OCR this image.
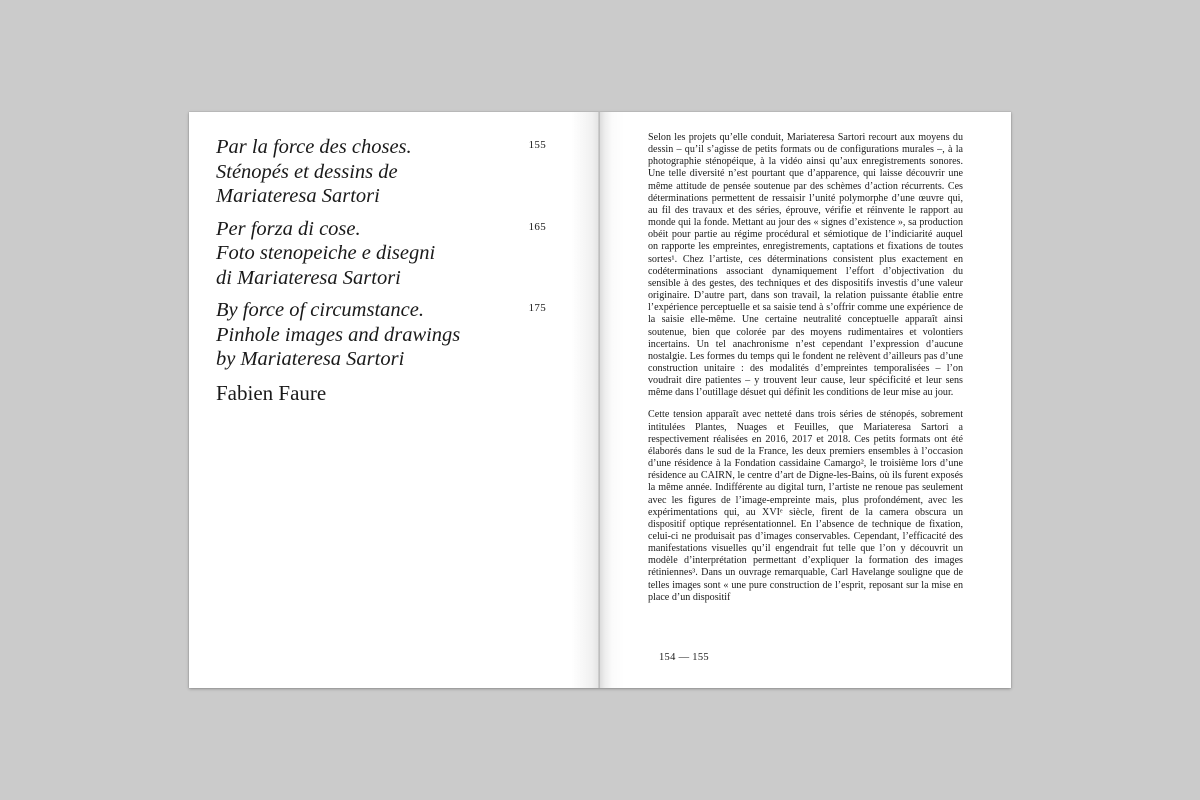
Par la force des choses.
Sténopés et dessins de
Mariateresa Sartori
155
Per forza di cose.
Foto stenopeiche e disegni
di Mariateresa Sartori
165
By force of circumstance.
Pinhole images and drawings
by Mariateresa Sartori
175
Fabien Faure

Selon les projets qu’elle conduit, Mariateresa Sartori recourt aux moyens du dessin – qu’il s’agisse de petits formats ou de configurations murales –, à la photographie sténopéique, à la vidéo ainsi qu’aux enregistrements sonores. Une telle diversité n’est pourtant que d’apparence, qui laisse découvrir une même attitude de pensée soutenue par des schèmes d’action récurrents. Ces déterminations permettent de ressaisir l’unité polymorphe d’une œuvre qui, au fil des travaux et des séries, éprouve, vérifie et réinvente le rapport au monde qui la fonde. Mettant au jour des « signes d’existence », sa production obéit pour partie au régime procédural et sémiotique de l’indiciarité auquel on rapporte les empreintes, enregistrements, captations et fixations de toutes sortes¹. Chez l’artiste, ces déterminations consistent plus exactement en codéterminations associant dynamiquement l’effort d’objectivation du sensible à des gestes, des techniques et des dispositifs investis d’une valeur originaire. D’autre part, dans son travail, la relation puissante établie entre l’expérience perceptuelle et sa saisie tend à s’offrir comme une expérience de la saisie elle-même. Une certaine neutralité conceptuelle apparaît ainsi soutenue, bien que colorée par des moyens rudimentaires et volontiers incertains. Un tel anachronisme n’est cependant l’expression d’aucune nostalgie. Les formes du temps qui le fondent ne relèvent d’ailleurs pas d’une construction unitaire : des modalités d’empreintes temporalisées – l’on voudrait dire patientes – y trouvent leur cause, leur spécificité et leur sens même dans l’outillage désuet qui définit les conditions de leur mise au jour.

Cette tension apparaît avec netteté dans trois séries de sténopés, sobrement intitulées Plantes, Nuages et Feuilles, que Mariateresa Sartori a respectivement réalisées en 2016, 2017 et 2018. Ces petits formats ont été élaborés dans le sud de la France, les deux premiers ensembles à l’occasion d’une résidence à la Fondation cassidaine Camargo², le troisième lors d’une résidence au CAIRN, le centre d’art de Digne-les-Bains, où ils furent exposés la même année. Indifférente au digital turn, l’artiste ne renoue pas seulement avec les figures de l’image-empreinte mais, plus profondément, avec les expérimentations qui, au XVIᵉ siècle, firent de la camera obscura un dispositif optique représentationnel. En l’absence de technique de fixation, celui-ci ne produisait pas d’images conservables. Cependant, l’efficacité des manifestations visuelles qu’il engendrait fut telle que l’on y découvrit un modèle d’interprétation permettant d’expliquer la formation des images rétiniennes³. Dans un ouvrage remarquable, Carl Havelange souligne que de telles images sont « une pure construction de l’esprit, reposant sur la mise en place d’un dispositif

154 — 155
